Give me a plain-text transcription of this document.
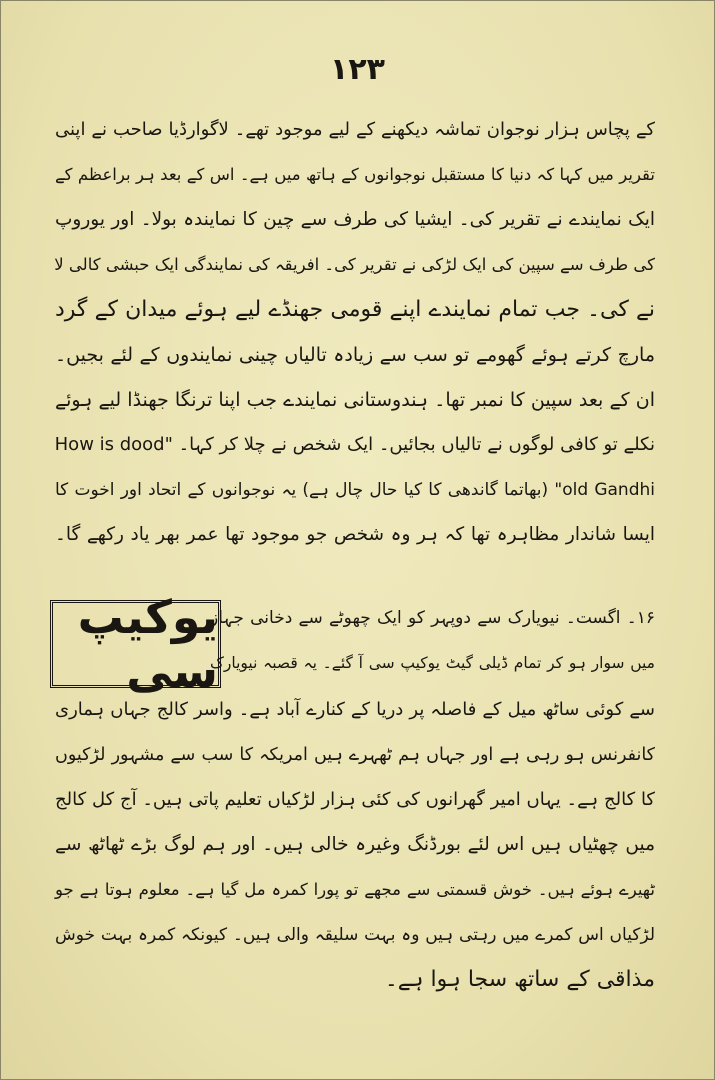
۱۲۳
کے پچاس ہزار نوجوان تماشہ دیکھنے کے لیے موجود تھے۔ لاگوارڈیا صاحب نے اپنی
تقریر میں کہا کہ دنیا کا مستقبل نوجوانوں کے ہاتھ میں ہے۔ اس کے بعد ہر براعظم کے
ایک نمایندے نے تقریر کی۔ ایشیا کی طرف سے چین کا نمایندہ بولا۔ اور یوروپ
کی طرف سے سپین کی ایک لڑکی نے تقریر کی۔ افریقہ کی نمایندگی ایک حبشی کالی لا
نے کی۔ جب تمام نمایندے اپنے قومی جھنڈے لیے ہوئے میدان کے گرد
مارچ کرتے ہوئے گھومے تو سب سے زیادہ تالیاں چینی نمایندوں کے لئے بجیں۔
ان کے بعد سپین کا نمبر تھا۔ ہندوستانی نمایندے جب اپنا ترنگا جھنڈا لیے ہوئے
نکلے تو کافی لوگوں نے تالیاں بجائیں۔ ایک شخص نے چلا کر کہا۔ "How is dood
old Gandhi" (بھاتما گاندھی کا کیا حال چال ہے) یہ نوجوانوں کے اتحاد اور اخوت کا
ایسا شاندار مظاہرہ تھا کہ ہر وہ شخص جو موجود تھا عمر بھر یاد رکھے گا۔
یوکیپ سی
۱۶۔ اگست۔ نیویارک سے دوپہر کو ایک چھوٹے سے دخانی جہاز
میں سوار ہو کر تمام ڈیلی گیٹ یوکیپ سی آ گئے۔ یہ قصبہ نیویارک
سے کوئی ساٹھ میل کے فاصلہ پر دریا کے کنارے آباد ہے۔ واسر کالج جہاں ہماری
کانفرنس ہو رہی ہے اور جہاں ہم ٹھہرے ہیں امریکہ کا سب سے مشہور لڑکیوں
کا کالج ہے۔ یہاں امیر گھرانوں کی کئی ہزار لڑکیاں تعلیم پاتی ہیں۔ آج کل کالج
میں چھٹیاں ہیں اس لئے بورڈنگ وغیرہ خالی ہیں۔ اور ہم لوگ بڑے ٹھاٹھ سے
ٹھیرے ہوئے ہیں۔ خوش قسمتی سے مجھے تو پورا کمرہ مل گیا ہے۔ معلوم ہوتا ہے جو
لڑکیاں اس کمرے میں رہتی ہیں وہ بہت سلیقہ والی ہیں۔ کیونکہ کمرہ بہت خوش
مذاقی کے ساتھ سجا ہوا ہے۔
